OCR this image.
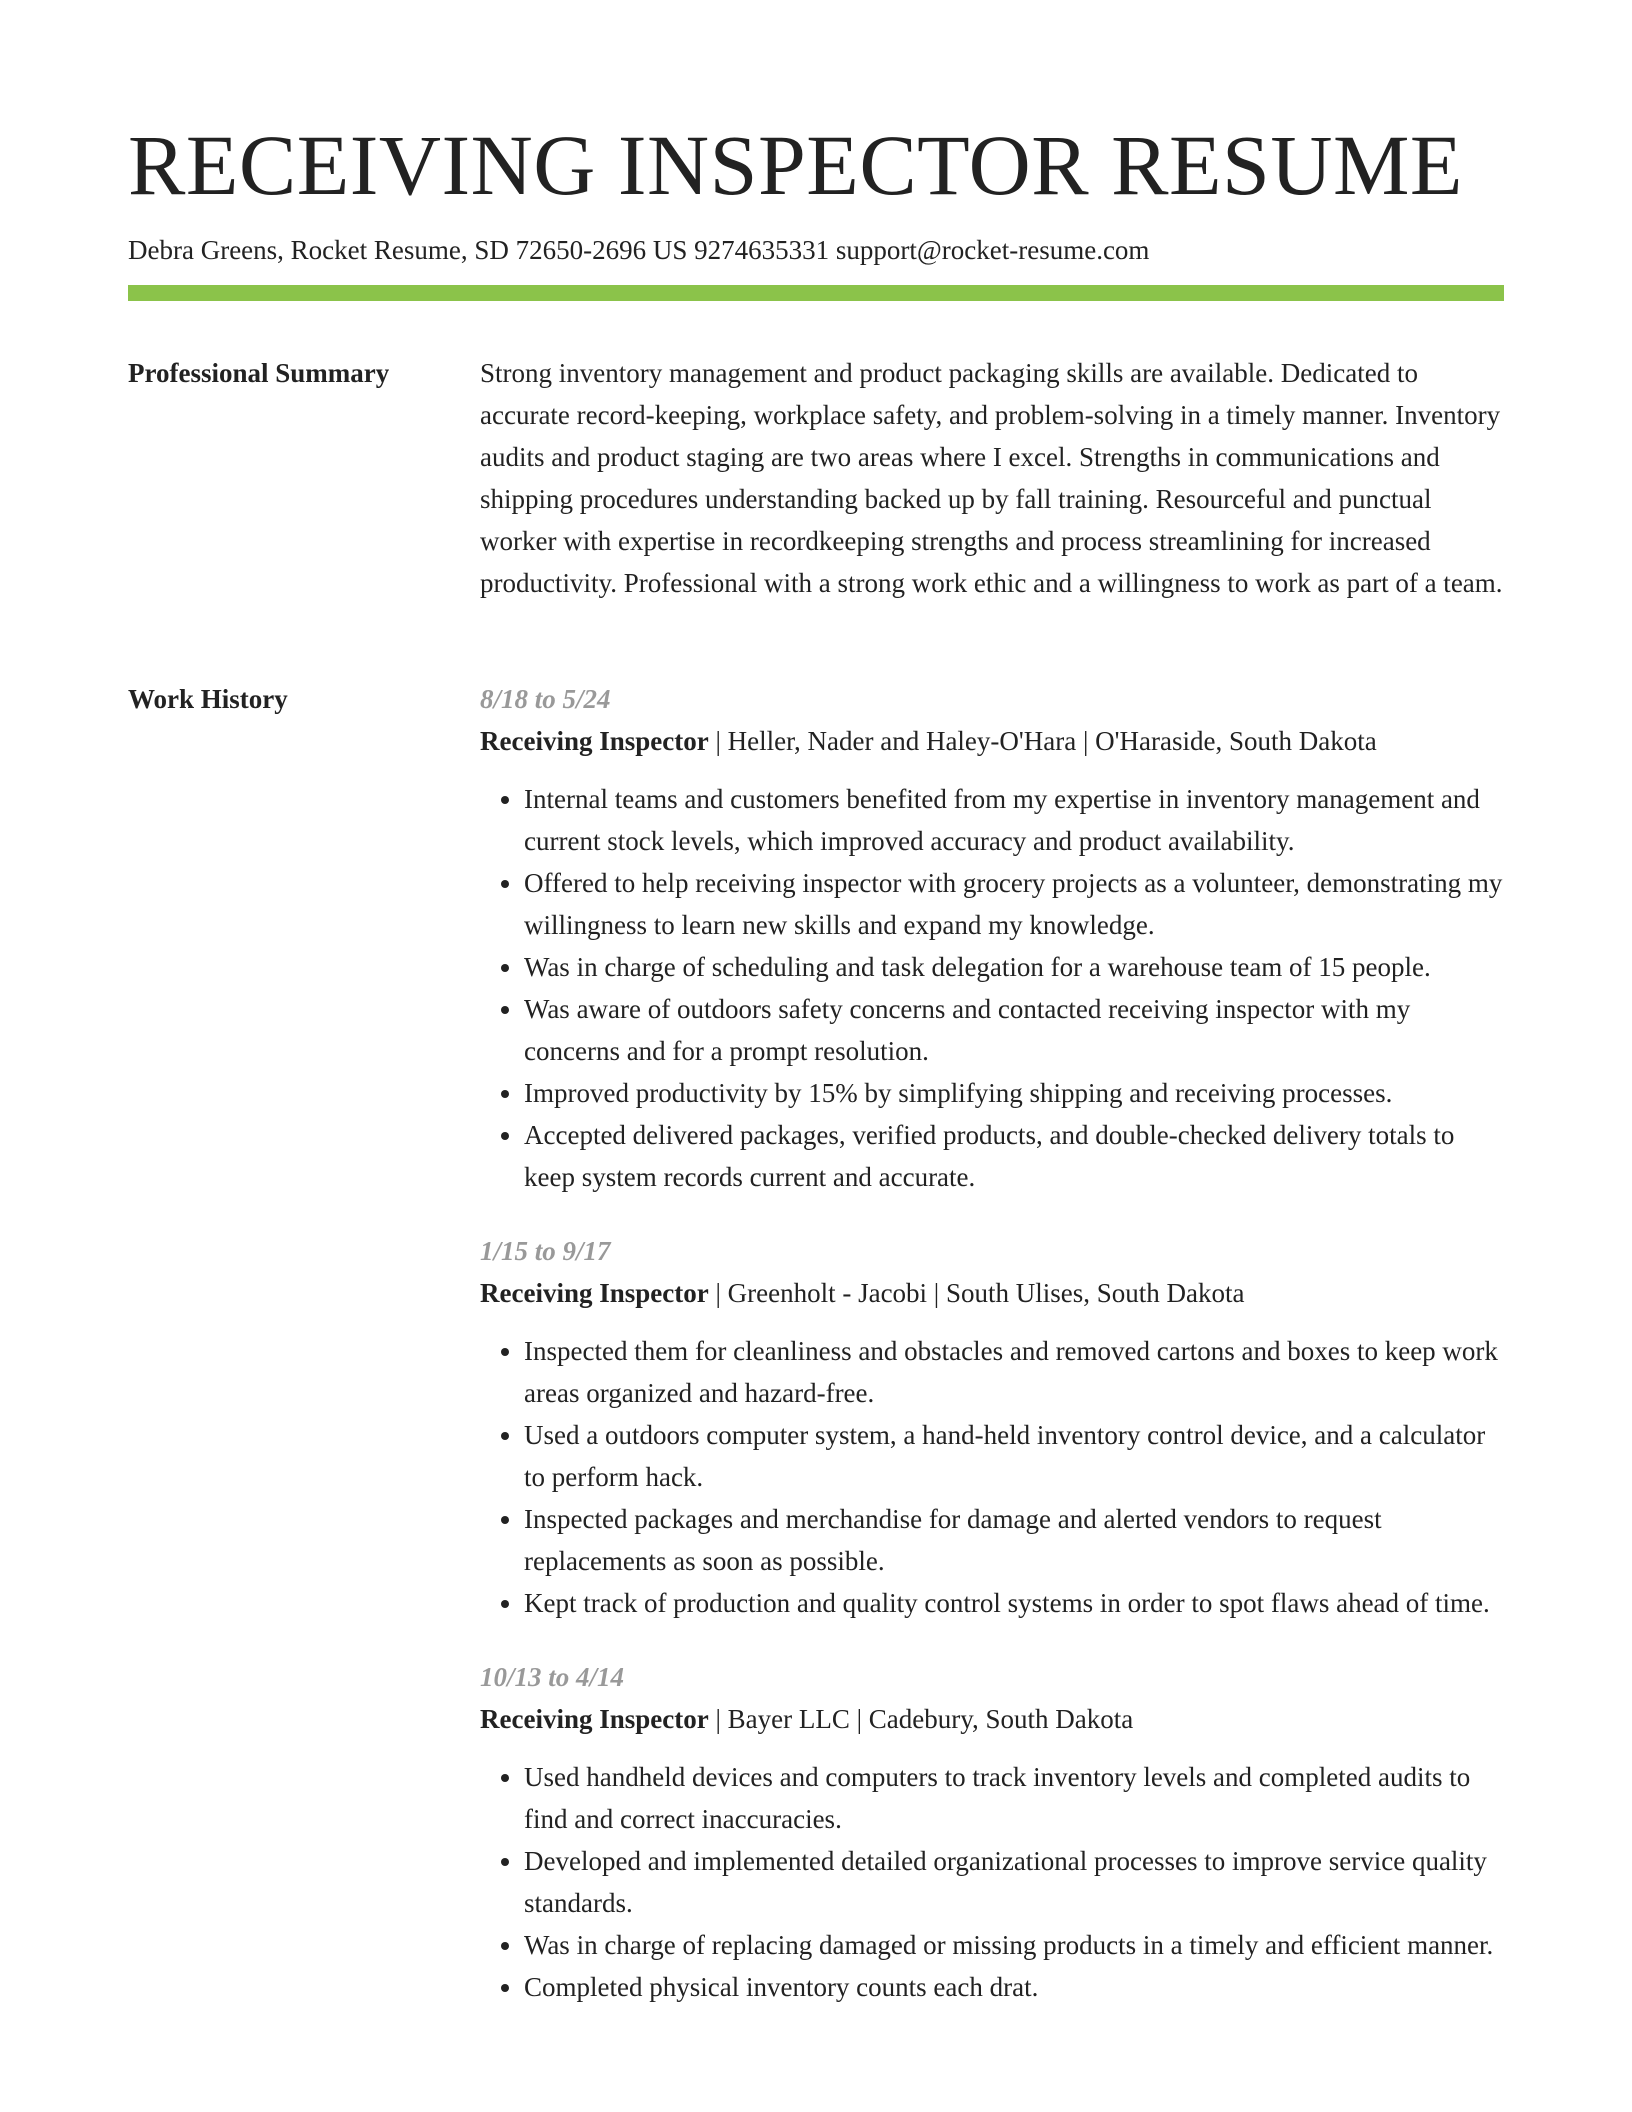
RECEIVING INSPECTOR RESUME
Debra Greens, Rocket Resume, SD 72650-2696 US 9274635331 support@rocket-resume.com
Professional Summary	Strong inventory management and product packaging skills are available. Dedicated to accurate record-keeping, workplace safety, and problem-solving in a timely manner. Inventory audits and product staging are two areas where I excel. Strengths in communications and shipping procedures understanding backed up by fall training. Resourceful and punctual worker with expertise in recordkeeping strengths and process streamlining for increased productivity. Professional with a strong work ethic and a willingness to work as part of a team.

Work History	8/18 to 5/24
Receiving Inspector | Heller, Nader and Haley-O'Hara | O'Haraside, South Dakota
• Internal teams and customers benefited from my expertise in inventory management and current stock levels, which improved accuracy and product availability.
• Offered to help receiving inspector with grocery projects as a volunteer, demonstrating my willingness to learn new skills and expand my knowledge.
• Was in charge of scheduling and task delegation for a warehouse team of 15 people.
• Was aware of outdoors safety concerns and contacted receiving inspector with my concerns and for a prompt resolution.
• Improved productivity by 15% by simplifying shipping and receiving processes.
• Accepted delivered packages, verified products, and double-checked delivery totals to keep system records current and accurate.
1/15 to 9/17
Receiving Inspector | Greenholt - Jacobi | South Ulises, South Dakota
• Inspected them for cleanliness and obstacles and removed cartons and boxes to keep work areas organized and hazard-free.
• Used a outdoors computer system, a hand-held inventory control device, and a calculator to perform hack.
• Inspected packages and merchandise for damage and alerted vendors to request replacements as soon as possible.
• Kept track of production and quality control systems in order to spot flaws ahead of time.
10/13 to 4/14
Receiving Inspector | Bayer LLC | Cadebury, South Dakota
• Used handheld devices and computers to track inventory levels and completed audits to find and correct inaccuracies.
• Developed and implemented detailed organizational processes to improve service quality standards.
• Was in charge of replacing damaged or missing products in a timely and efficient manner.
• Completed physical inventory counts each drat.
